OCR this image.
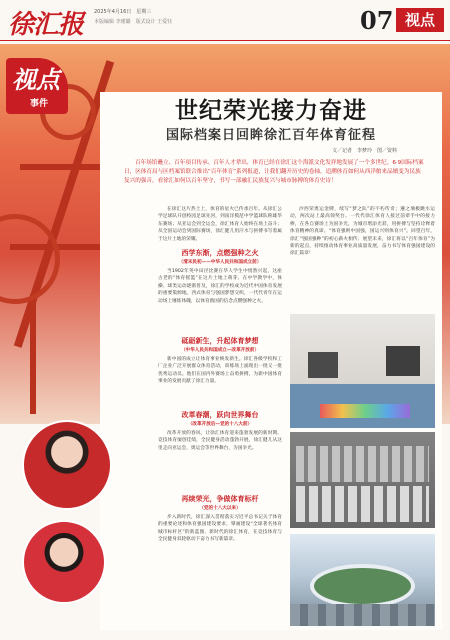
徐汇报 2025年4月16日　星期三
本版编辑 李瑾璐　版式设计 王爱钰	07 视点
视点
事件	世纪荣光接力奋进
国际档案日回眸徐汇百年体育征程
文／记者　李梦玲　图／资料

百年场馆矗立、百年项目传承、百年人才辈出，体育已经在徐汇这个海派文化发祥地发展了一个多世纪。6·9国际档案日，区体育局与区档案馆联合推出“百年体育”系列报道，让我们翻开历史的卷轴，追溯体育如何从西洋舶来品嬗变为民族复兴的强音，看徐汇如何以百年坚守，书写一部融汇民族复兴与城市脉搏的体育史诗！

在徐汇这片热土上，体育的星火已传承百年。从徐汇公学足球队开创校园足球先河，到南洋模范中学篮球队称雄华东赛场；从亚运会到全运会，徐汇体育人始终在场上奋斗；从全国运动会到国际赛场，徐汇健儿用汗水与拼搏书写着属于这片土地的荣耀。

西学东渐，点燃强种之火
（清末民初——中华人民共和国成立前）

当1902年英中田径比赛在华人学生中悄然兴起，这座古老的“体育摇篮”在这片土地上萌芽。在中学教学中，体操、球类运动逐渐普及，徐汇的学校成为近代中国体育发展的重要策源地。西式体育与强国梦想交织，一代代青年在运动场上锤炼体魄，以体育救国的信念点燃强种之火。

砥砺新生，升起体育梦想
（中华人民共和国成立—改革开放前）

新中国的成立让体育事业焕发新生。徐汇各级学校和工厂企业广泛开展群众体育活动，训练场上涌现出一批又一批优秀运动员。他们在国内外赛场上奋勇拼搏，为新中国体育事业的发展贡献了徐汇力量。

改革春潮，跃向世界舞台
（改革开放后—党的十八大前）

改革开放的春风，让徐汇体育迎来蓬勃发展的新时期。竞技体育屡创佳绩，全民健身活动蓬勃开展，徐汇健儿从这里走向亚运会、奥运会等世界舞台，为国争光。

再续荣光，争做体育标杆
（党的十八大以来）

步入新时代，徐汇深入贯彻落实习近平总书记关于体育的重要论述和体育强国建设要求，擘画建设“全球著名体育城市标杆区”的新蓝图，新时代的徐汇体育，在竞技体育与全民健身双轮驱动下奋力书写新篇章。

沙西荣奥运金牌，续写“梦之队”的不朽传奇；遵之璃极跳水运动，两次站上最高领奖台。一代代徐汇体育人接过前辈手中的接力棒，在各自赛场上为国争光，为城市增添光彩，用拼搏与坚持诠释着体育精神的真谛。“体育强则中国强，国运兴则体育兴”。回望百年，徐汇“强国强种”的初心薪火相传；展望未来，徐汇将以“百年体育”为新的起点，持续推动体育事业高质量发展，奋力书写体育强国建设的徐汇篇章！
